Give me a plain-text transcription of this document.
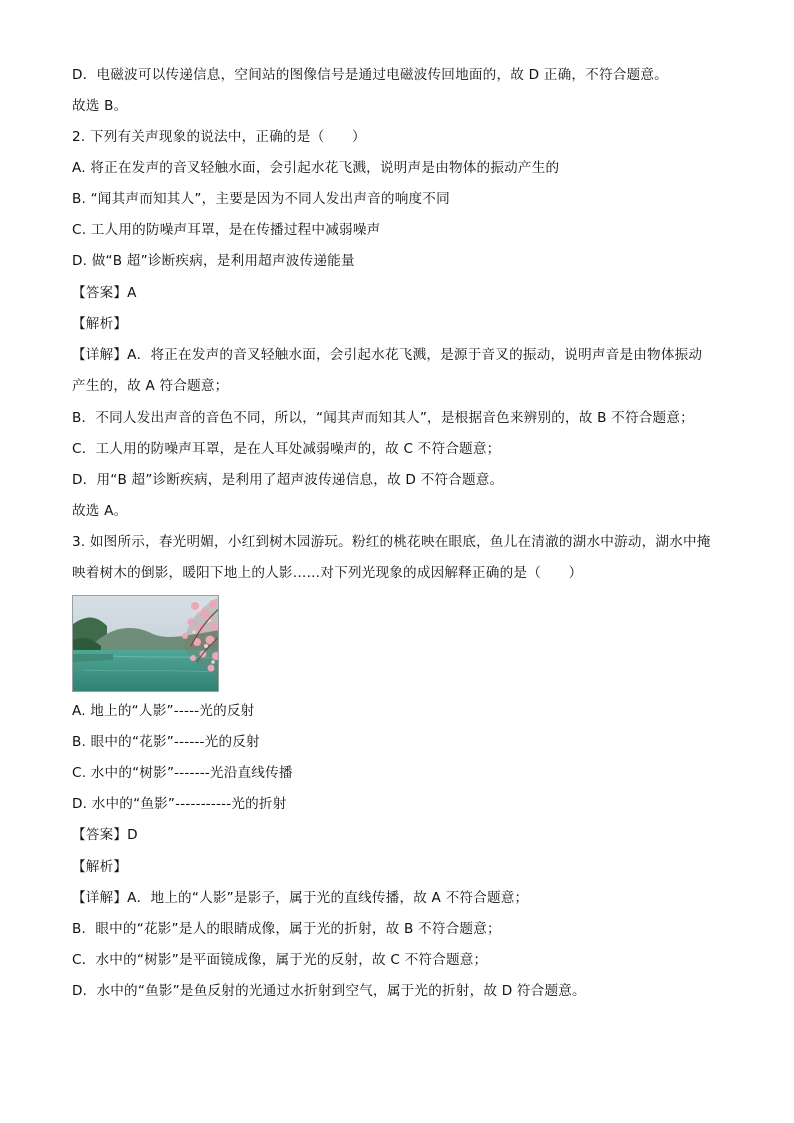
D．电磁波可以传递信息，空间站的图像信号是通过电磁波传回地面的，故 D 正确，不符合题意。
故选 B。
2. 下列有关声现象的说法中，正确的是（　　）
A. 将正在发声的音叉轻触水面，会引起水花飞溅，说明声是由物体的振动产生的
B. “闻其声而知其人”，主要是因为不同人发出声音的响度不同
C. 工人用的防噪声耳罩，是在传播过程中减弱噪声
D. 做“B 超”诊断疾病，是利用超声波传递能量
【答案】A
【解析】
【详解】A．将正在发声的音叉轻触水面，会引起水花飞溅，是源于音叉的振动，说明声音是由物体振动
产生的，故 A 符合题意；
B．不同人发出声音的音色不同，所以，“闻其声而知其人”，是根据音色来辨别的，故 B 不符合题意；
C．工人用的防噪声耳罩，是在人耳处减弱噪声的，故 C 不符合题意；
D．用“B 超”诊断疾病，是利用了超声波传递信息，故 D 不符合题意。
故选 A。
3. 如图所示，春光明媚，小红到树木园游玩。粉红的桃花映在眼底，鱼儿在清澈的湖水中游动，湖水中掩
映着树木的倒影，暖阳下地上的人影……对下列光现象的成因解释正确的是（　　）
A. 地上的“人影”-----光的反射
B. 眼中的“花影”------光的反射
C. 水中的“树影”-------光沿直线传播
D. 水中的“鱼影”-----------光的折射
【答案】D
【解析】
【详解】A．地上的“人影”是影子，属于光的直线传播，故 A 不符合题意；
B．眼中的“花影”是人的眼睛成像，属于光的折射，故 B 不符合题意；
C．水中的“树影”是平面镜成像，属于光的反射，故 C 不符合题意；
D．水中的“鱼影”是鱼反射的光通过水折射到空气，属于光的折射，故 D 符合题意。
